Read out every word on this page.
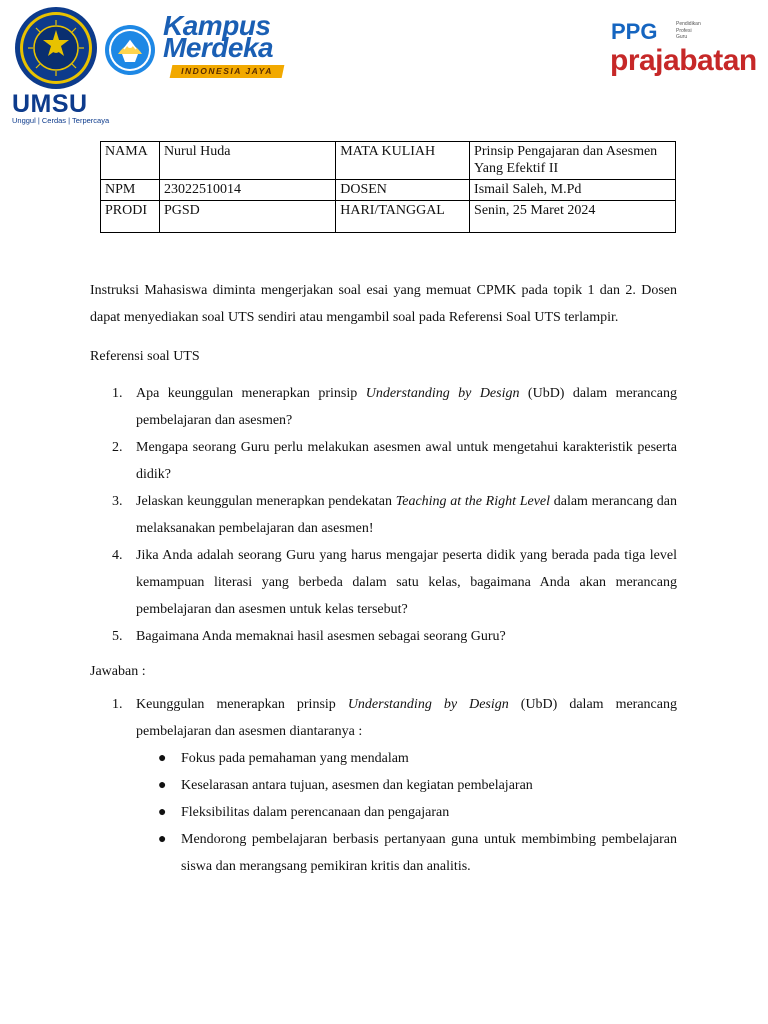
UMSU
Unggul | Cerdas | Terpercaya
Kampus
Merdeka
INDONESIA JAYA
PPG	Pendidikan
Profesi
Guru
prajabatan
NAMA	Nurul Huda	MATA KULIAH	Prinsip Pengajaran dan Asesmen Yang Efektif II
NPM	23022510014	DOSEN	Ismail Saleh, M.Pd
PRODI	PGSD	HARI/TANGGAL	Senin, 25 Maret 2024

Instruksi Mahasiswa diminta mengerjakan soal esai yang memuat CPMK pada topik 1 dan 2. Dosen dapat menyediakan soal UTS sendiri atau mengambil soal pada Referensi Soal UTS terlampir.

Referensi soal UTS

1. Apa keunggulan menerapkan prinsip Understanding by Design (UbD) dalam merancang pembelajaran dan asesmen?
2. Mengapa seorang Guru perlu melakukan asesmen awal untuk mengetahui karakteristik peserta didik?
3. Jelaskan keunggulan menerapkan pendekatan Teaching at the Right Level dalam merancang dan melaksanakan pembelajaran dan asesmen!
4. Jika Anda adalah seorang Guru yang harus mengajar peserta didik yang berada pada tiga level kemampuan literasi yang berbeda dalam satu kelas, bagaimana Anda akan merancang pembelajaran dan asesmen untuk kelas tersebut?
5. Bagaimana Anda memaknai hasil asesmen sebagai seorang Guru?

Jawaban :

1. Keunggulan menerapkan prinsip Understanding by Design (UbD) dalam merancang pembelajaran dan asesmen diantaranya :
● Fokus pada pemahaman yang mendalam
● Keselarasan antara tujuan, asesmen dan kegiatan pembelajaran
● Fleksibilitas dalam perencanaan dan pengajaran
● Mendorong pembelajaran berbasis pertanyaan guna untuk membimbing pembelajaran siswa dan merangsang pemikiran kritis dan analitis.
